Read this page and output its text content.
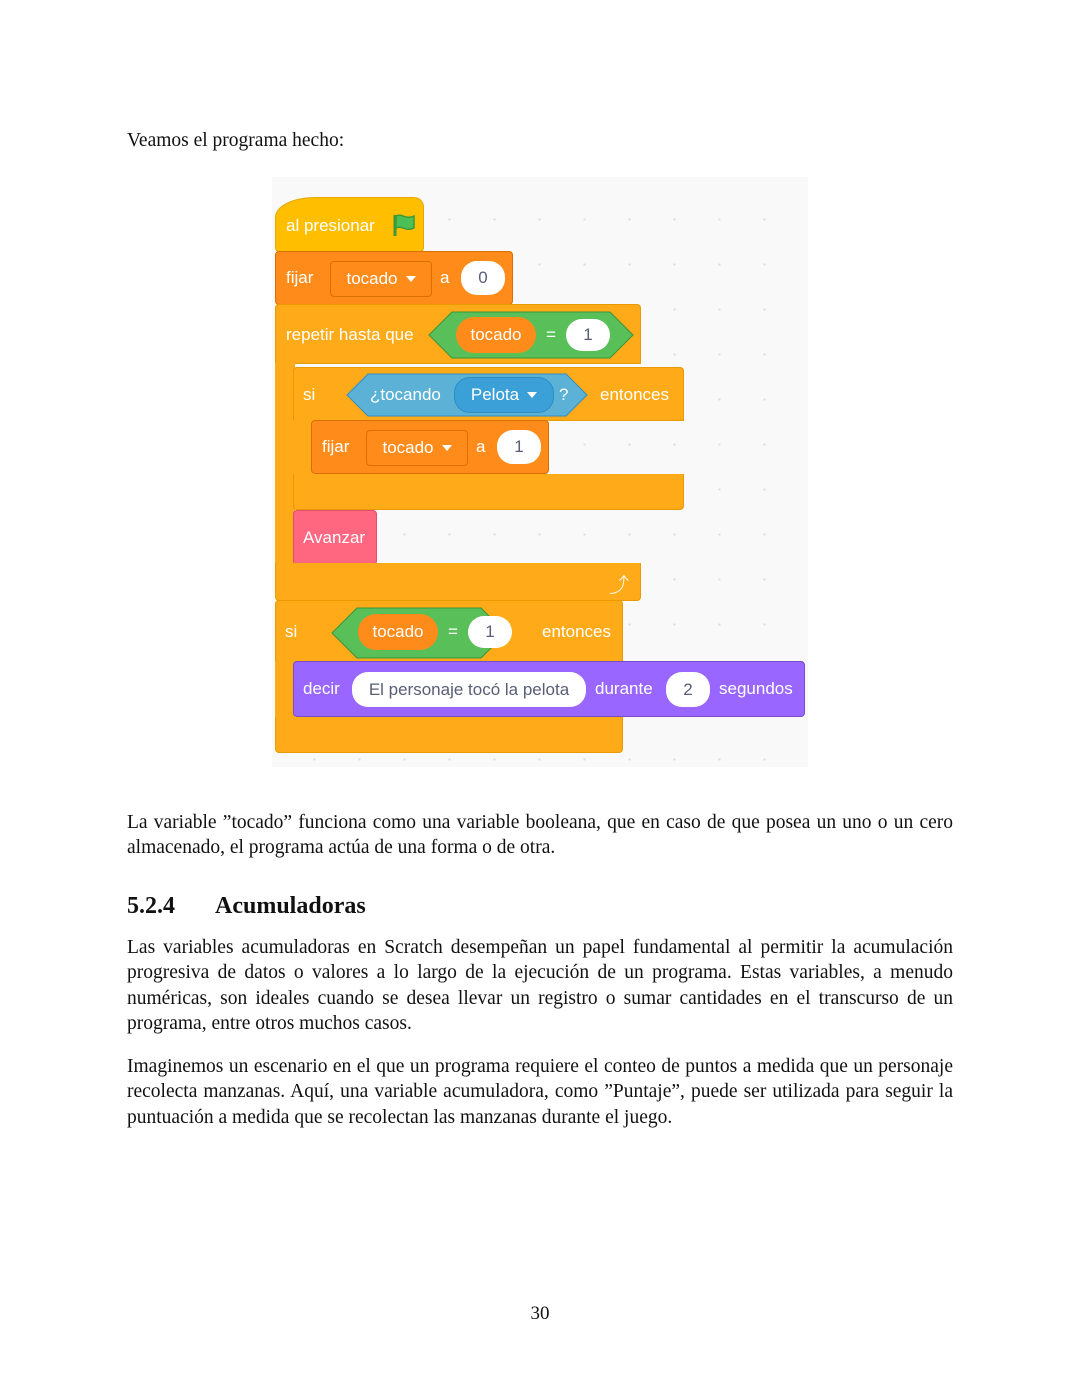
Veamos el programa hecho:

al presionar
fijar tocado a	0
repetir hasta que	tocado	=	1
si	¿tocando Pelota ? entonces
fijar tocado a	1
Avanzar
⤴
si	tocado	=	1	entonces
decir	El personaje tocó la pelota	durante	2	segundos

La variable ”tocado” funciona como una variable booleana, que en caso de que posea un uno o un cero almacenado, el programa actúa de una forma o de otra.

5.2.4 Acumuladoras

Las variables acumuladoras en Scratch desempeñan un papel fundamental al permitir la acumulación progresiva de datos o valores a lo largo de la ejecución de un programa. Estas variables, a menudo numéricas, son ideales cuando se desea llevar un registro o sumar cantidades en el transcurso de un programa, entre otros muchos casos.

Imaginemos un escenario en el que un programa requiere el conteo de puntos a medida que un personaje recolecta manzanas. Aquí, una variable acumuladora, como ”Puntaje”, puede ser utilizada para seguir la puntuación a medida que se recolectan las manzanas durante el juego.

30
